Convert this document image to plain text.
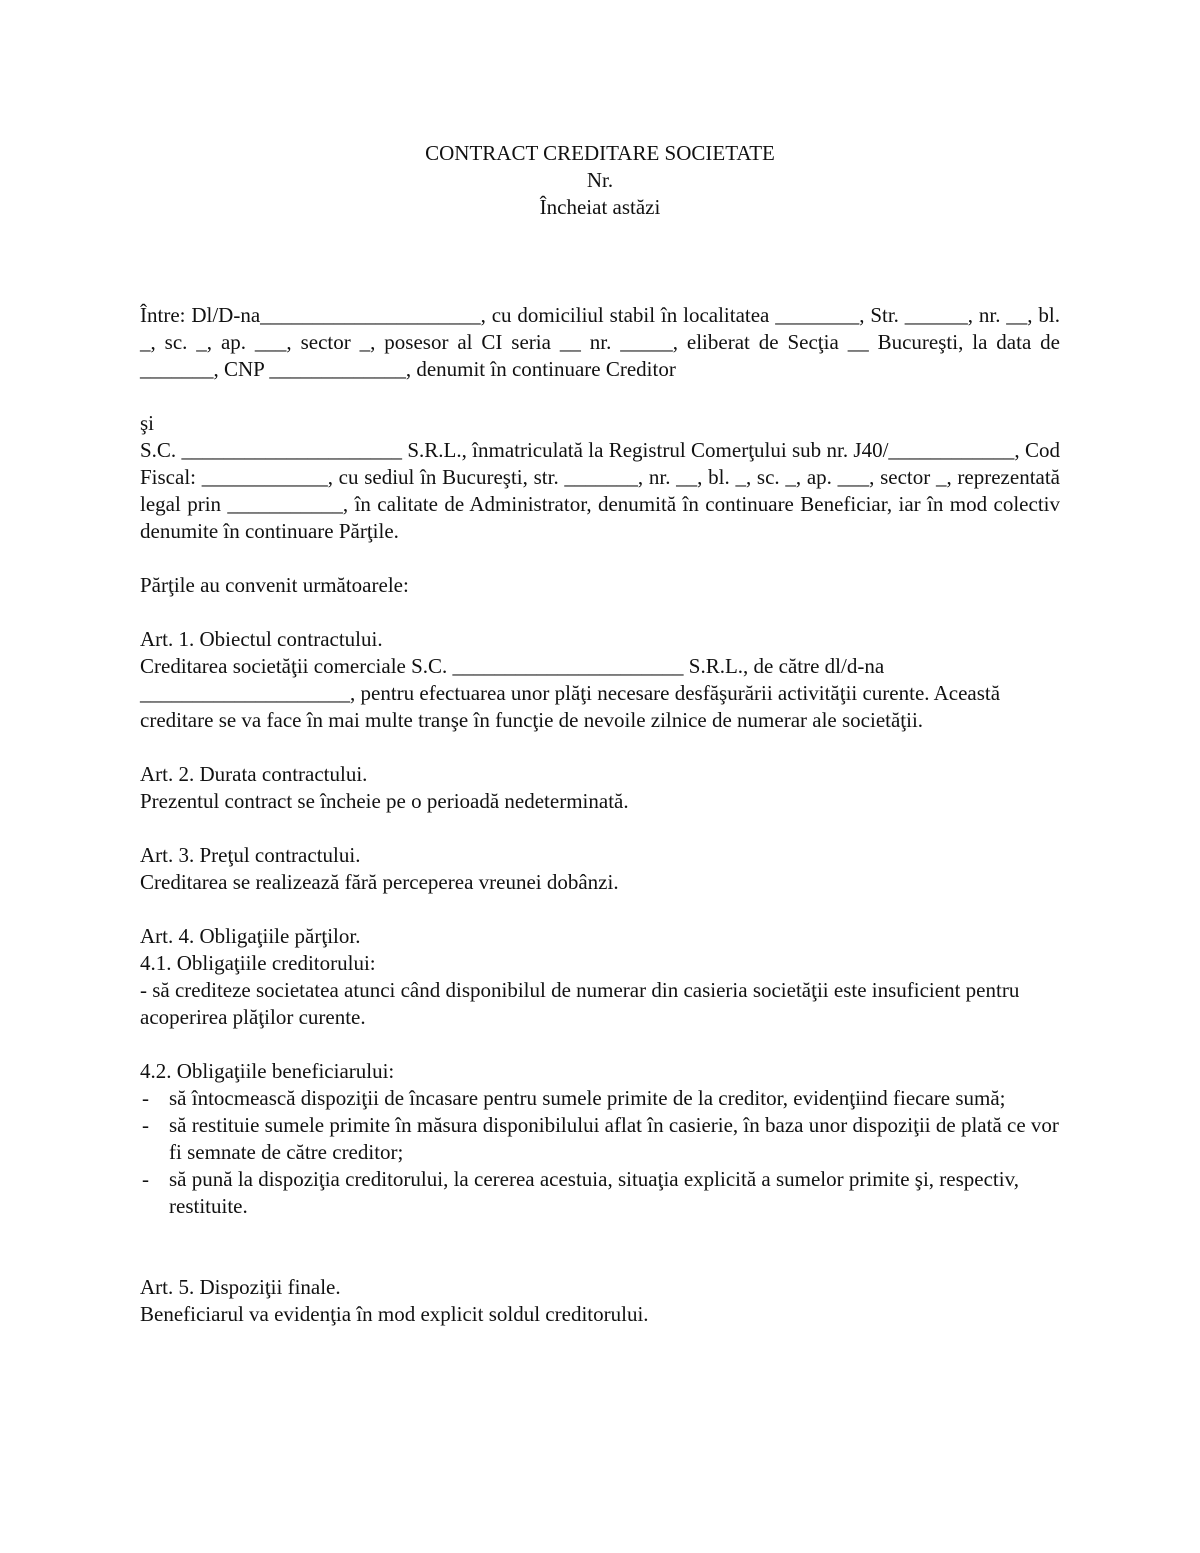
CONTRACT CREDITARE SOCIETATE

Nr.

Încheiat astăzi

Între: Dl/D-na_____________________, cu domiciliul stabil în localitatea ________, Str. ______, nr. __, bl. _, sc. _, ap. ___, sector _, posesor al CI seria __ nr. _____, eliberat de Secţia __ Bucureşti, la data de _______, CNP _____________, denumit în continuare Creditor

şi

S.C. _____________________ S.R.L., înmatriculată la Registrul Comerţului sub nr. J40/____________, Cod Fiscal: ____________, cu sediul în Bucureşti, str. _______, nr. __, bl. _, sc. _, ap. ___, sector _, reprezentată legal prin ___________, în calitate de Administrator, denumită în continuare Beneficiar, iar în mod colectiv denumite în continuare Părţile.

Părţile au convenit următoarele:

Art. 1. Obiectul contractului.

Creditarea societăţii comerciale S.C. ______________________ S.R.L., de către dl/d-na ____________________, pentru efectuarea unor plăţi necesare desfăşurării activităţii curente. Această creditare se va face în mai multe tranşe în funcţie de nevoile zilnice de numerar ale societăţii.

Art. 2. Durata contractului.

Prezentul contract se încheie pe o perioadă nedeterminată.

Art. 3. Preţul contractului.

Creditarea se realizează fără perceperea vreunei dobânzi.

Art. 4. Obligaţiile părţilor.

4.1. Obligaţiile creditorului:

- să crediteze societatea atunci când disponibilul de numerar din casieria societăţii este insuficient pentru acoperirea plăţilor curente.

4.2. Obligaţiile beneficiarului:

- să întocmească dispoziţii de încasare pentru sumele primite de la creditor, evidenţiind fiecare sumă;
- să restituie sumele primite în măsura disponibilului aflat în casierie, în baza unor dispoziţii de plată ce vor fi semnate de către creditor;
- să pună la dispoziţia creditorului, la cererea acestuia, situaţia explicită a sumelor primite şi, respectiv, restituite.

Art. 5. Dispoziţii finale.

Beneficiarul va evidenţia în mod explicit soldul creditorului.
